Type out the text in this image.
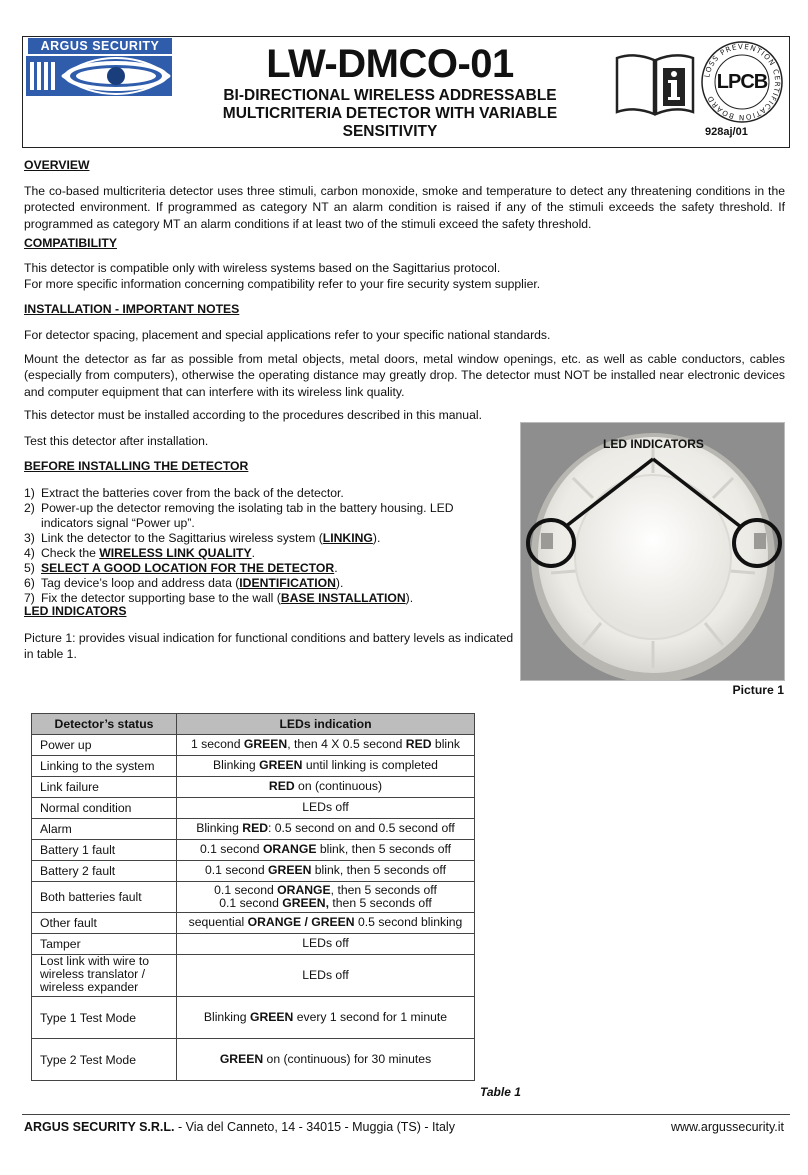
ARGUS SECURITY	LW-DMCO-01
BI-DIRECTIONAL WIRELESS ADDRESSABLE MULTICRITERIA DETECTOR WITH VARIABLE SENSITIVITY
LOSS PREVENTION CERTIFICATION BOARD
LPCB
928aj/01
OVERVIEW
The co-based multicriteria detector uses three stimuli, carbon monoxide, smoke and temperature to detect any threatening conditions in the protected environment. If programmed as category NT an alarm condition is raised if any of the stimuli exceeds the safety threshold. If programmed as category MT an alarm conditions if at least two of the stimuli exceed the safety threshold.
COMPATIBILITY
This detector is compatible only with wireless systems based on the Sagittarius protocol.
For more specific information concerning compatibility refer to your fire security system supplier.
INSTALLATION - IMPORTANT NOTES
For detector spacing, placement and special applications refer to your specific national standards.
Mount the detector as far as possible from metal objects, metal doors, metal window openings, etc. as well as cable conductors, cables (especially from computers), otherwise the operating distance may greatly drop. The detector must NOT be installed near electronic devices and computer equipment that can interfere with its wireless link quality.
This detector must be installed according to the procedures described in this manual.
Test this detector after installation.
BEFORE INSTALLING THE DETECTOR
1) Extract the batteries cover from the back of the detector.
2) Power-up the detector removing the isolating tab in the battery housing. LED indicators signal “Power up”.
3) Link the detector to the Sagittarius wireless system (LINKING).
4) Check the WIRELESS LINK QUALITY.
5) SELECT A GOOD LOCATION FOR THE DETECTOR.
6) Tag device’s loop and address data (IDENTIFICATION).
7) Fix the detector supporting base to the wall (BASE INSTALLATION).
LED INDICATORS
Picture 1: provides visual indication for functional conditions and battery levels as indicated in table 1.
LED INDICATORS
Picture 1
Detector’s status	LEDs indication
Power up	1 second GREEN, then 4 X 0.5 second RED blink
Linking to the system	Blinking GREEN until linking is completed
Link failure	RED on (continuous)
Normal condition	LEDs off
Alarm	Blinking RED: 0.5 second on and 0.5 second off
Battery 1 fault	0.1 second ORANGE blink, then 5 seconds off
Battery 2 fault	0.1 second GREEN blink, then 5 seconds off
Both batteries fault	0.1 second ORANGE, then 5 seconds off
0.1 second GREEN, then 5 seconds off
Other fault	sequential ORANGE / GREEN 0.5 second blinking
Tamper	LEDs off
Lost link with wire to wireless translator / wireless expander	LEDs off
Type 1 Test Mode	Blinking GREEN every 1 second for 1 minute
Type 2 Test Mode	GREEN on (continuous) for 30 minutes
Table 1
ARGUS SECURITY S.R.L. - Via del Canneto, 14 - 34015 - Muggia (TS) - Italy	www.argussecurity.it
